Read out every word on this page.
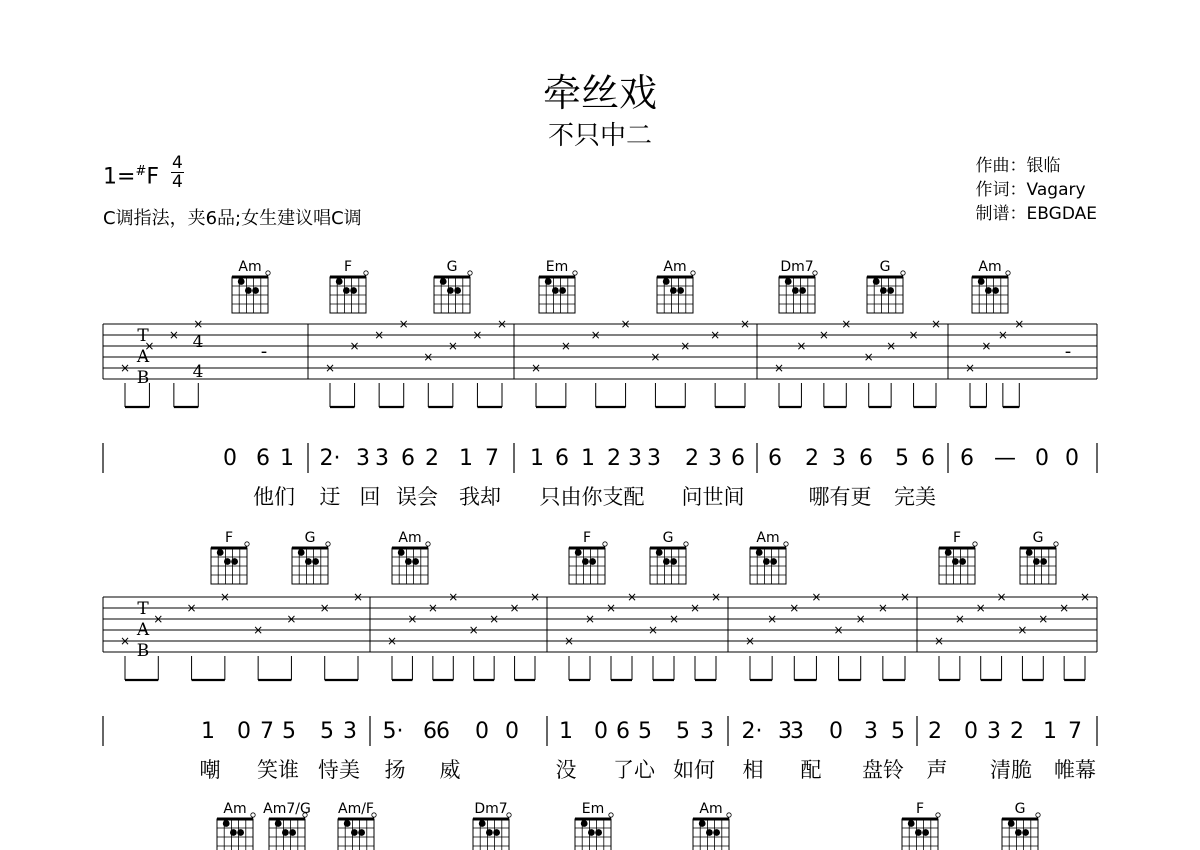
牵丝戏
不只中二
$1=^{\#}F \frac{4}{4}$
C调指法，夹6品;女生建议唱C调
作曲：银临
作词：Vagary
制谱：EBGDAE
Am	F	G	Em	Am	Dm7	G	Am
F	G	Am	F	G	Am	F	G
Am Am7/G Am/F	Dm7	Em	Am	F	G
T
A
B
4
4
-	-
×
×
×
×
×
×
×
×
×
×
×
×
×
×
×
×
×
×
×
×
×
×
×
×
×
×
×
×
×
×
×
×
T
A
B
×
×
×
×
×
×
×
×
×
×
×
×
×
×
×
×
×
×
×
×
×
×
×
×
×
×
×
×
×
×
×
×
×
×
×
×
×
×
×
×
0 6 1 2· 3 3 6 2 1 7 1 6 1 2 3 3 2 3 6 6 2 3 6 5 6 6 — 0 0
他们 迂 回 误会 我却 只由你支配 问世间	哪有更 完美
1 0 7 5 5 3 5· 6 6 0 0 1 0 6 5 5 3 2· 3
3 0 3 5 2 0 3 2 1 7
嘲 笑谁 恃美 扬 威	没 了心 如何 相 配 盘铃 声 清脆 帷幕
